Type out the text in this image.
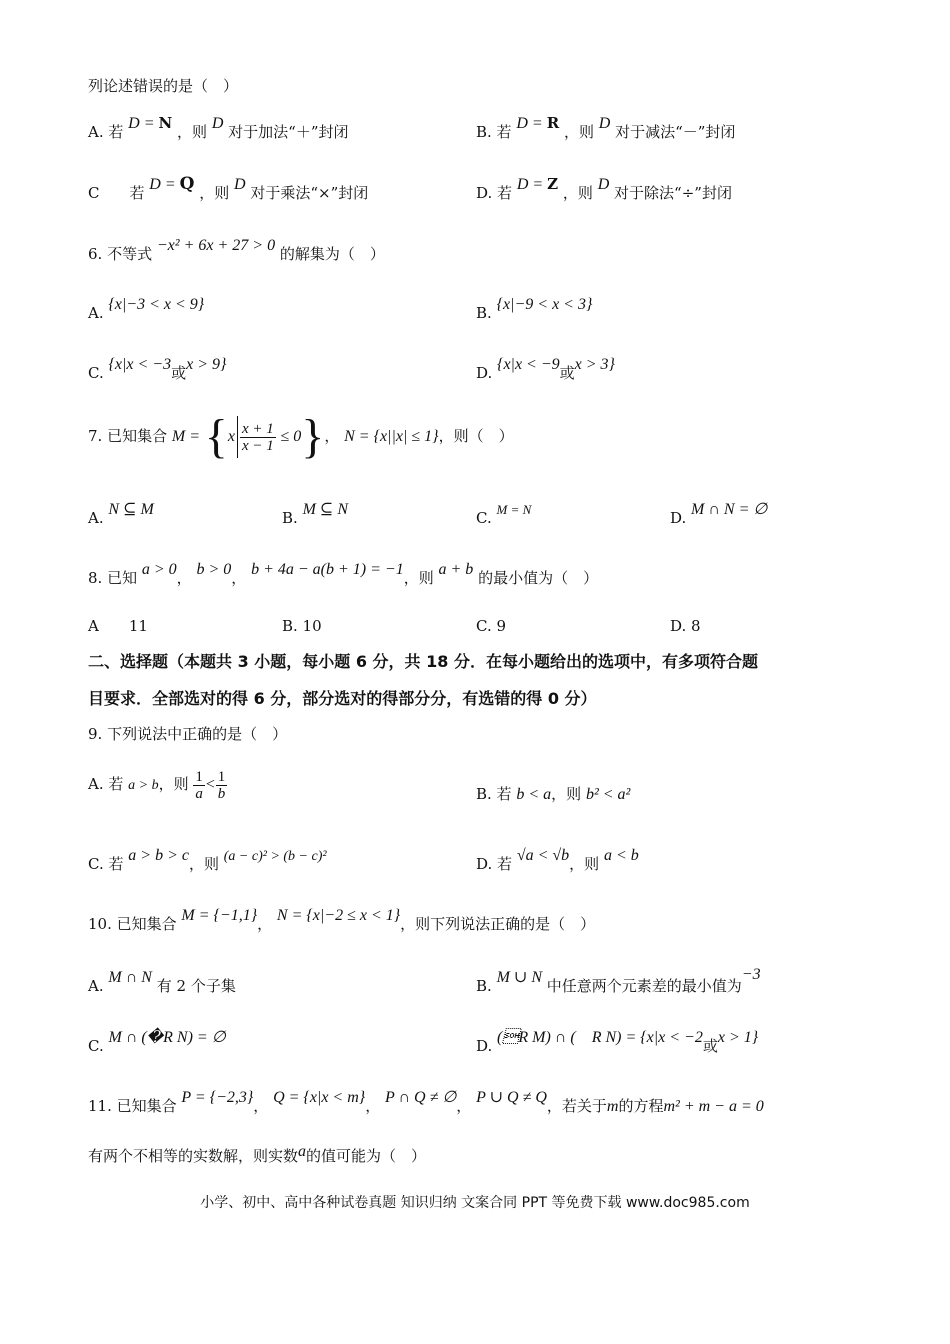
列论述错误的是（　）
A. 若 D = N ，则 D 对于加法“＋”封闭	B. 若 D = R ，则 D 对于减法“－”封闭
C　　若 D = Q ，则 D 对于乘法“×”封闭	D. 若 D = Z ，则 D 对于除法“÷”封闭
6. 不等式 −x² + 6x + 27 > 0 的解集为（　）
A. {x|−3 < x < 9}	B. {x|−9 < x < 3}
C. {x|x < −3或x > 9}	D. {x|x < −9或x > 3}
7. 已知集合 $M = \{x \frac{x + 1}{x - 1} \le 0\}$， N = {x||x| ≤ 1}，则（　）
A. N ⊆ M	B. M ⊆ N	C. M = N	D. M ∩ N = ∅
8. 已知 a > 0， b > 0， b + 4a − a(b + 1) = −1，则 a + b 的最小值为（　）
A　　11	B. 10	C. 9	D. 8
二、选择题（本题共 3 小题，每小题 6 分，共 18 分．在每小题给出的选项中，有多项符合题
目要求．全部选对的得 6 分，部分选对的得部分分，有选错的得 0 分）
9. 下列说法中正确的是（　）
A. 若 a > b，则 $\frac{1}{a} < \frac{1}{b}$	B. 若 b < a，则 b² < a²
C. 若 a > b > c，则 (a − c)² > (b − c)²	D. 若 √a < √b，则 a < b
10. 已知集合 M = {−1,1}， N = {x|−2 ≤ x < 1}，则下列说法正确的是（　）
A. M ∩ N 有 2 个子集	B. M ∪ N 中任意两个元素差的最小值为−3
C. M ∩ (�R N) = ∅	D. (R M) ∩ (　R N) = {x|x < −2或x > 1}
11. 已知集合 P = {−2,3}， Q = {x|x < m}， P ∩ Q ≠ ∅， P ∪ Q ≠ Q，若关于m的方程m² + m − a = 0
有两个不相等的实数解，则实数a的值可能为（　）
小学、初中、高中各种试卷真题 知识归纳 文案合同 PPT 等免费下载 www.doc985.com
